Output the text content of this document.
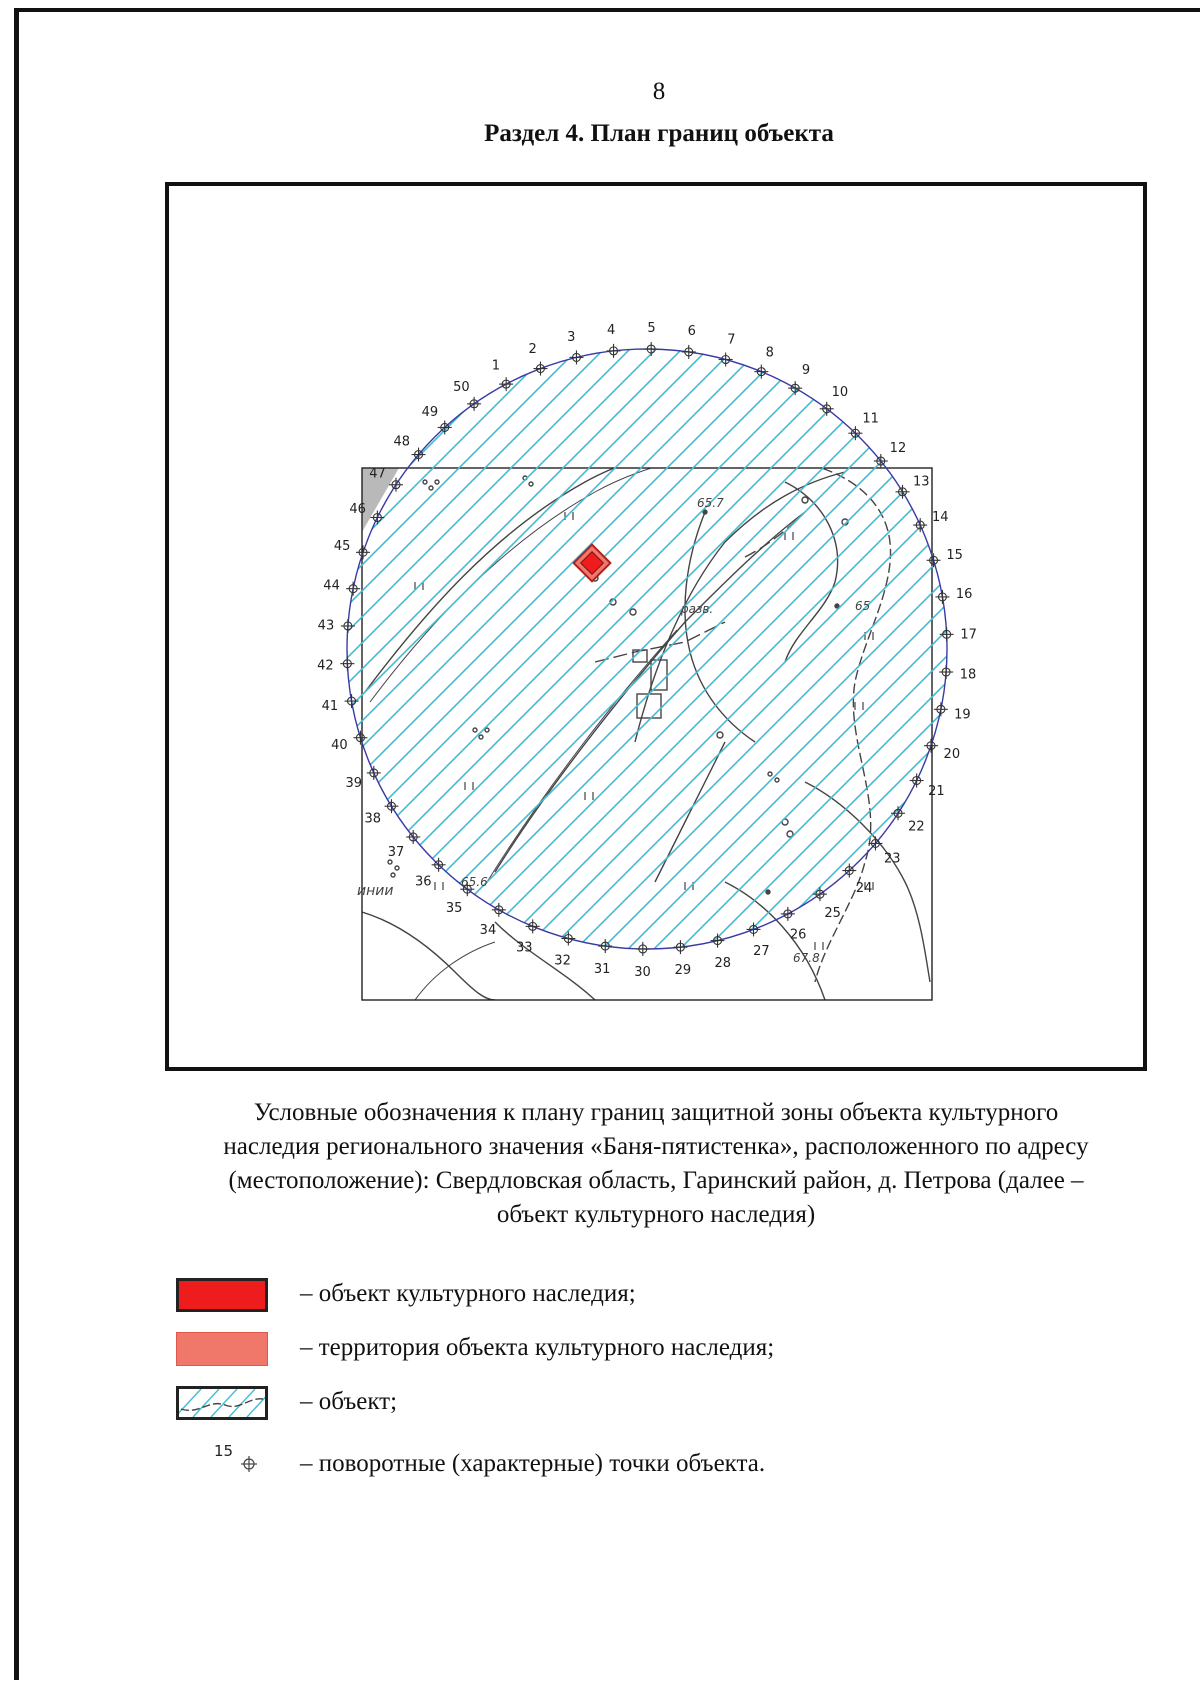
8
Раздел 4. План границ объекта
65.7
65
67.8
65.6
разв.
инии
1
2
3 4 5 6
7
8
9
10
11
12
13
14
15
16
17
18
19
20
21
22
23
24
25
26
27
28
29
30
31
32
33
34
35
36
37
38
39
40
41
42
43
44
45
46
47
48
49
50
Условные обозначения к плану границ защитной зоны объекта культурного
наследия регионального значения «Баня-пятистенка», расположенного по адресу
(местоположение): Свердловская область, Гаринский район, д. Петрова (далее –
объект культурного наследия)
– объект культурного наследия;
– территория объекта культурного наследия;
– объект;
15	– поворотные (характерные) точки объекта.
